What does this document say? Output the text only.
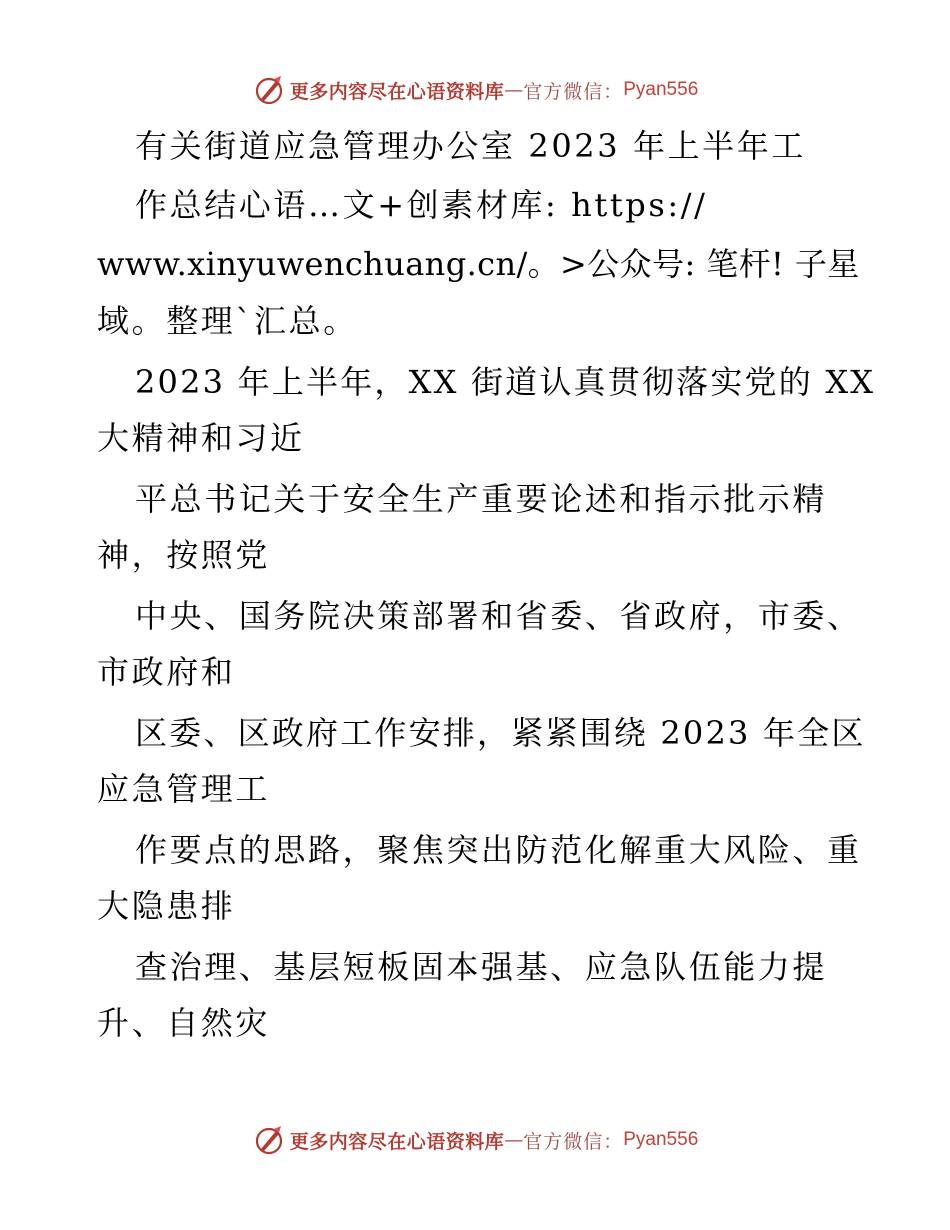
更多内容尽在心语资料库 — 官方微信： Pyan556
有关街道应急管理办公室 2023 年上半年工
作总结心语…文+创素材库: https://
www.xinyuwenchuang.cn/。>公众号: 笔杆! 子星
域。整理`汇总。
2023 年上半年，XX 街道认真贯彻落实党的 XX
大精神和习近
平总书记关于安全生产重要论述和指示批示精
神，按照党
中央、国务院决策部署和省委、省政府，市委、
市政府和
区委、区政府工作安排，紧紧围绕 2023 年全区
应急管理工
作要点的思路，聚焦突出防范化解重大风险、重
大隐患排
查治理、基层短板固本强基、应急队伍能力提
升、自然灾
更多内容尽在心语资料库 — 官方微信： Pyan556
